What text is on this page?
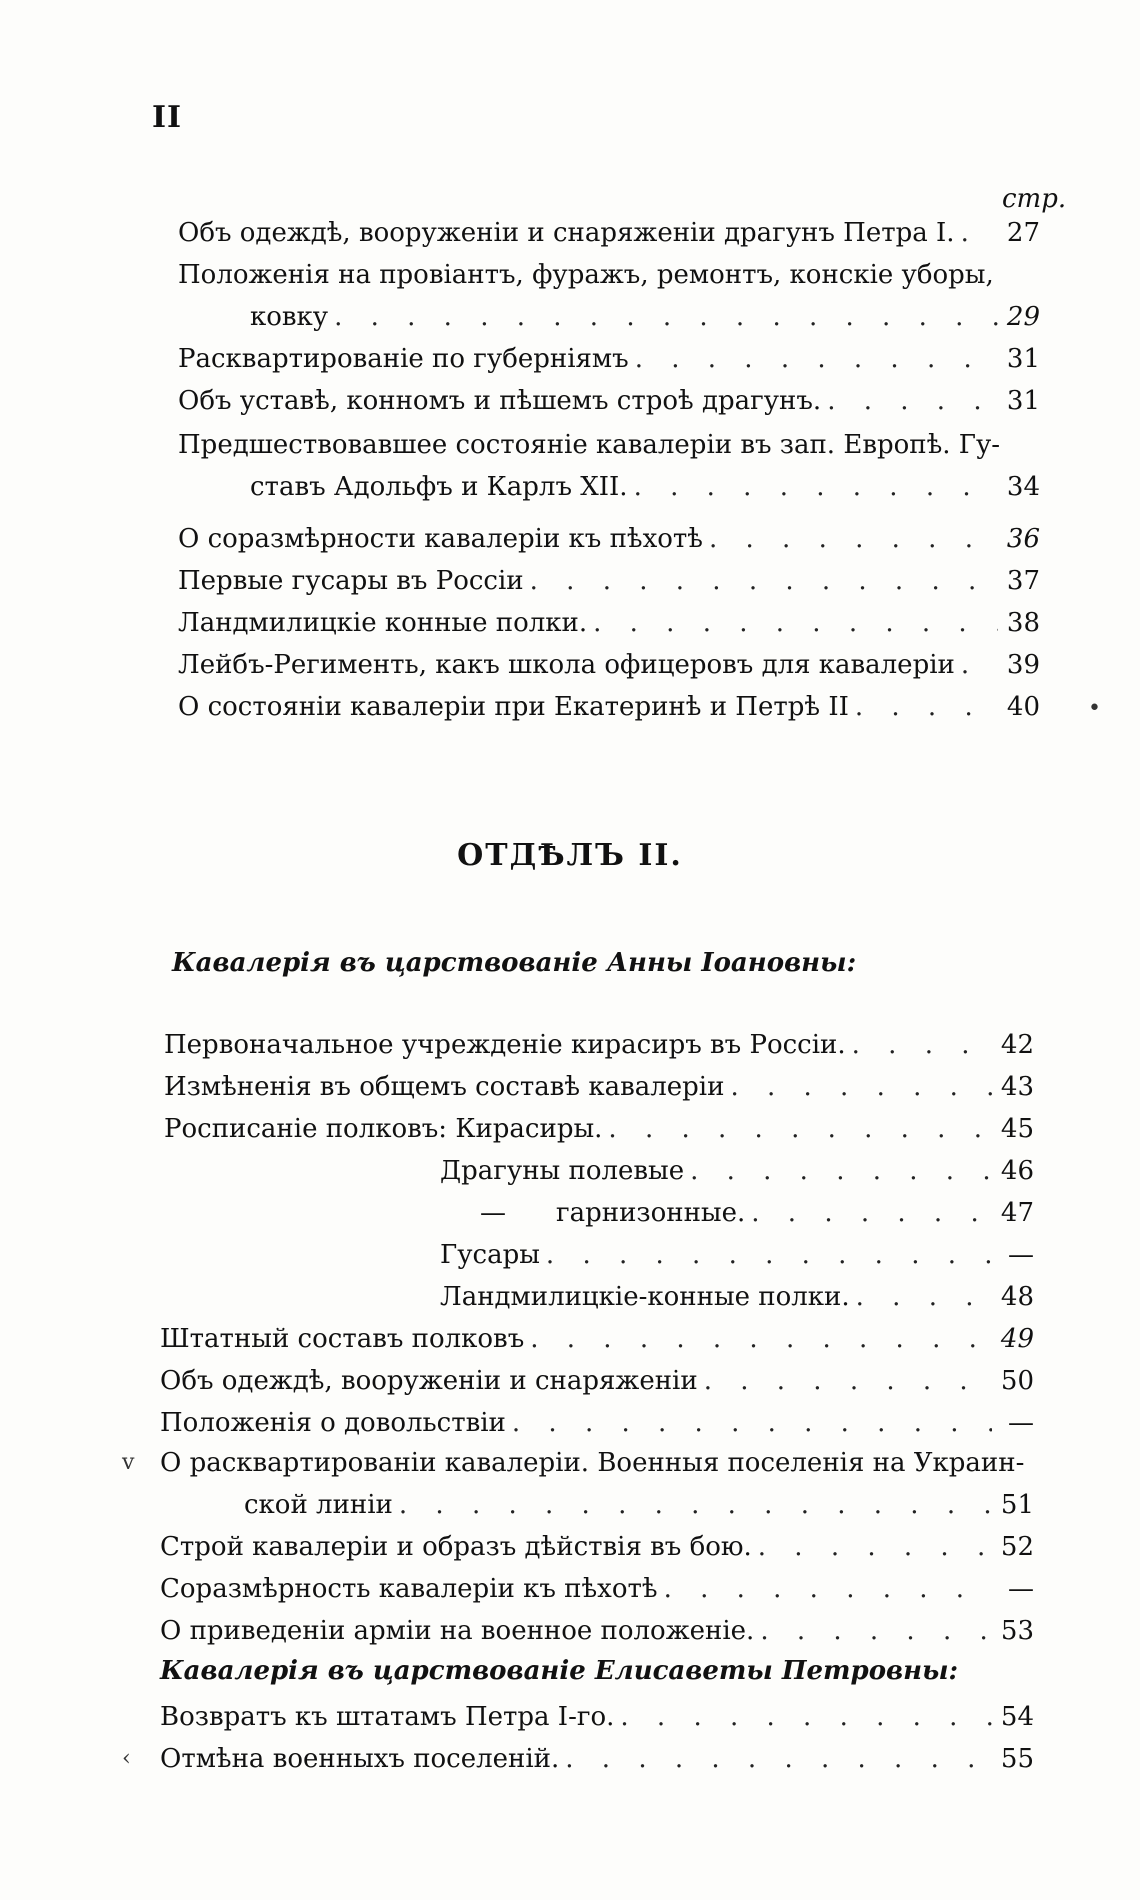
II
стр.
Объ одеждѣ, вооруженіи и снаряженіи драгунъ Петра I. . . . 27
Положенія на провіантъ, фуражъ, ремонтъ, конскіе уборы,
ковку . . .	29
Расквартированіе по губерніямъ . . .	31
Объ уставѣ, конномъ и пѣшемъ строѣ драгунъ. . . .	31
Предшествовавшее состояніе кавалеріи въ зап. Европѣ. Гу-
ставъ Адольфъ и Карлъ XII. . . .	34
О соразмѣрности кавалеріи къ пѣхотѣ . . .	36
Первые гусары въ Россіи . . .	37
Ландмилицкіе конные полки. . . .	38
Лейбъ-Регименть, какъ школа офицеровъ для кавалеріи . . . 39
О состояніи кавалеріи при Екатеринѣ и Петрѣ II . . .	40 •
ОТДѢЛЪ II.
Кавалерія въ царствованіе Анны Іоановны:
Первоначальное учрежденіе кирасиръ въ Россіи. . . .	42
Измѣненія въ общемъ составѣ кавалеріи . . .	43
Росписаніе полковъ: Кирасиры. . . .	45
Драгуны полевые . . .	46
— гарнизонные. . . .	47
Гусары . . .	—
Ландмилицкіе-конные полки. . . .	48
Штатный составъ полковъ . . .	49
Объ одеждѣ, вооруженіи и снаряженіи . . .	50
Положенія о довольствіи . . .	—
v О расквартированіи кавалеріи. Военныя поселенія на Украин-
ской линіи . . .	51
Строй кавалеріи и образъ дѣйствія въ бою. . . .	52
Соразмѣрность кавалеріи къ пѣхотѣ . . .	—
О приведеніи арміи на военное положеніе. . . .	53
Кавалерія въ царствованіе Елисаветы Петровны:
Возвратъ къ штатамъ Петра I-го. . . .	54
‹ Отмѣна военныхъ поселеній. . . .	55
